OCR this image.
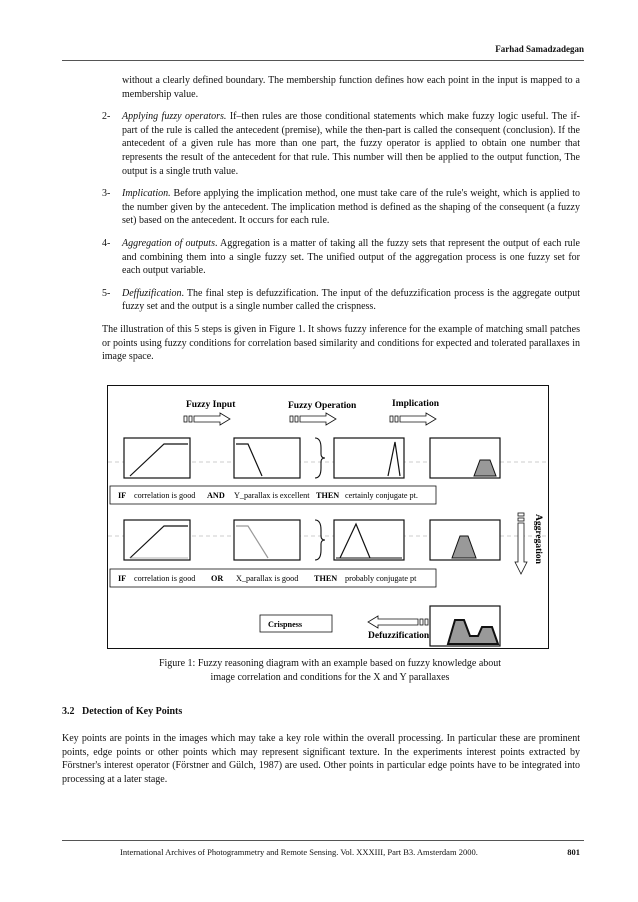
Farhad Samadzadegan

without a clearly defined boundary. The membership function defines how each point in the input is mapped to a membership value.

2-	Applying fuzzy operators. If–then rules are those conditional statements which make fuzzy logic useful. The if-part of the rule is called the antecedent (premise), while the then-part is called the consequent (conclusion). If the antecedent of a given rule has more than one part, the fuzzy operator is applied to obtain one number that represents the result of the antecedent for that rule. This number will then be applied to the output function, The output is a single truth value.
3-	Implication. Before applying the implication method, one must take care of the rule's weight, which is applied to the number given by the antecedent. The implication method is defined as the shaping of the consequent (a fuzzy set) based on the antecedent. It occurs for each rule.
4-	Aggregation of outputs. Aggregation is a matter of taking all the fuzzy sets that represent the output of each rule and combining them into a single fuzzy set. The unified output of the aggregation process is one fuzzy set for each output variable.
5-	Deffuzification. The final step is defuzzification. The input of the defuzzification process is the aggregate output fuzzy set and the output is a single number called the crispness.

The illustration of this 5 steps is given in Figure 1. It shows fuzzy inference for the example of matching small patches or points using fuzzy conditions for correlation based similarity and conditions for expected and tolerated parallaxes in image space.

Fuzzy Input	Fuzzy Operation	Implication
IF correlation is good AND Y_parallax is excellent THEN certainly conjugate pt.
IF correlation is good OR X_parallax is good THEN probably conjugate pt
Aggregation
Crispness
Defuzzification
Figure 1: Fuzzy reasoning diagram with an example based on fuzzy knowledge about
image correlation and conditions for the X and Y parallaxes
3.2 Detection of Key Points

Key points are points in the images which may take a key role within the overall processing. In particular these are prominent points, edge points or other points which may represent significant texture. In the experiments interest points extracted by Förstner's interest operator (Förstner and Gülch, 1987) are used. Other points in particular edge points have to be integrated into processing at a later stage.

International Archives of Photogrammetry and Remote Sensing. Vol. XXXIII, Part B3. Amsterdam 2000.	801
